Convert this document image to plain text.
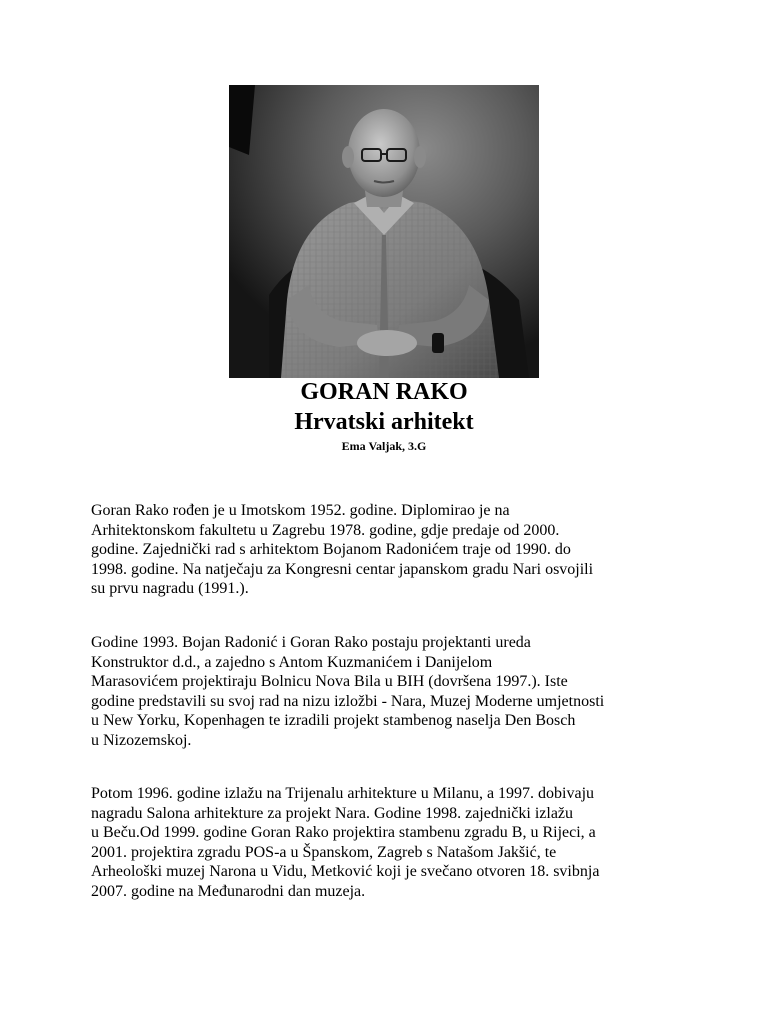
GORAN RAKO
Hrvatski arhitekt

Ema Valjak, 3.G

Goran Rako rođen je u Imotskom 1952. godine. Diplomirao je na
Arhitektonskom fakultetu u Zagrebu 1978. godine, gdje predaje od 2000.
godine. Zajednički rad s arhitektom Bojanom Radonićem traje od 1990. do
1998. godine. Na natječaju za Kongresni centar japanskom gradu Nari osvojili
su prvu nagradu (1991.).

Godine 1993. Bojan Radonić i Goran Rako postaju projektanti ureda
Konstruktor d.d., a zajedno s Antom Kuzmanićem i Danijelom
Marasovićem projektiraju Bolnicu Nova Bila u BIH (dovršena 1997.). Iste
godine predstavili su svoj rad na nizu izložbi - Nara, Muzej Moderne umjetnosti
u New Yorku, Kopenhagen te izradili projekt stambenog naselja Den Bosch
u Nizozemskoj.

Potom 1996. godine izlažu na Trijenalu arhitekture u Milanu, a 1997. dobivaju
nagradu Salona arhitekture za projekt Nara. Godine 1998. zajednički izlažu
u Beču.Od 1999. godine Goran Rako projektira stambenu zgradu B, u Rijeci, a
2001. projektira zgradu POS-a u Španskom, Zagreb s Natašom Jakšić, te
Arheološki muzej Narona u Vidu, Metković koji je svečano otvoren 18. svibnja
2007. godine na Međunarodni dan muzeja.
